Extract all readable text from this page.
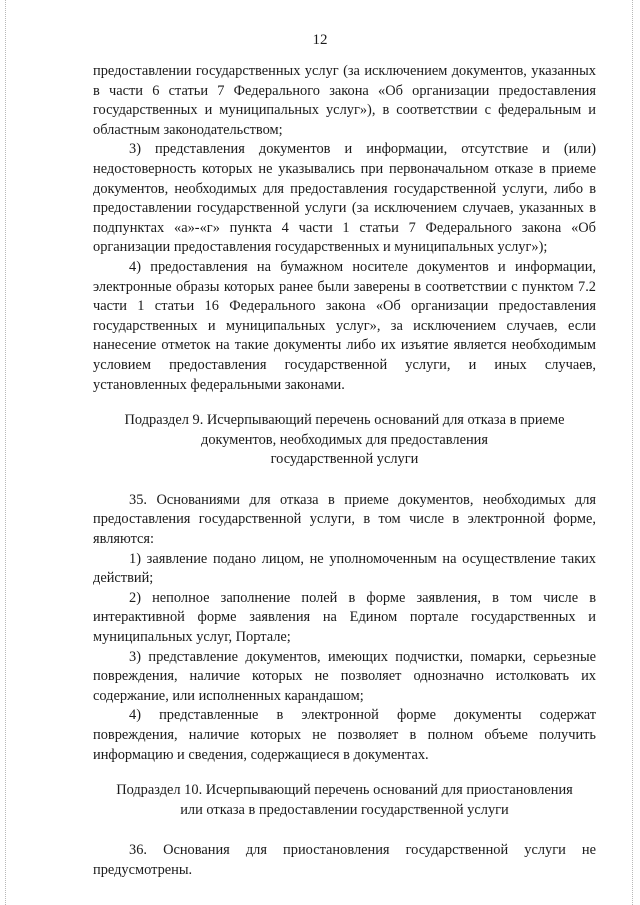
12

предоставлении государственных услуг (за исключением документов, указанных в части 6 статьи 7 Федерального закона «Об организации предоставления государственных и муниципальных услуг»), в соответствии с федеральным и областным законодательством;

3) представления документов и информации, отсутствие и (или) недостоверность которых не указывались при первоначальном отказе в приеме документов, необходимых для предоставления государственной услуги, либо в предоставлении государственной услуги (за исключением случаев, указанных в подпунктах «а»-«г» пункта 4 части 1 статьи 7 Федерального закона «Об организации предоставления государственных и муниципальных услуг»);

4) предоставления на бумажном носителе документов и информации, электронные образы которых ранее были заверены в соответствии с пунктом 7.2 части 1 статьи 16 Федерального закона «Об организации предоставления государственных и муниципальных услуг», за исключением случаев, если нанесение отметок на такие документы либо их изъятие является необходимым условием предоставления государственной услуги, и иных случаев, установленных федеральными законами.

Подраздел 9. Исчерпывающий перечень оснований для отказа в приеме
документов, необходимых для предоставления
государственной услуги

35. Основаниями для отказа в приеме документов, необходимых для предоставления государственной услуги, в том числе в электронной форме, являются:

1) заявление подано лицом, не уполномоченным на осуществление таких действий;

2) неполное заполнение полей в форме заявления, в том числе в интерактивной форме заявления на Едином портале государственных и муниципальных услуг, Портале;

3) представление документов, имеющих подчистки, помарки, серьезные повреждения, наличие которых не позволяет однозначно истолковать их содержание, или исполненных карандашом;

4) представленные в электронной форме документы содержат повреждения, наличие которых не позволяет в полном объеме получить информацию и сведения, содержащиеся в документах.

Подраздел 10. Исчерпывающий перечень оснований для приостановления
или отказа в предоставлении государственной услуги

36. Основания для приостановления государственной услуги не предусмотрены.
